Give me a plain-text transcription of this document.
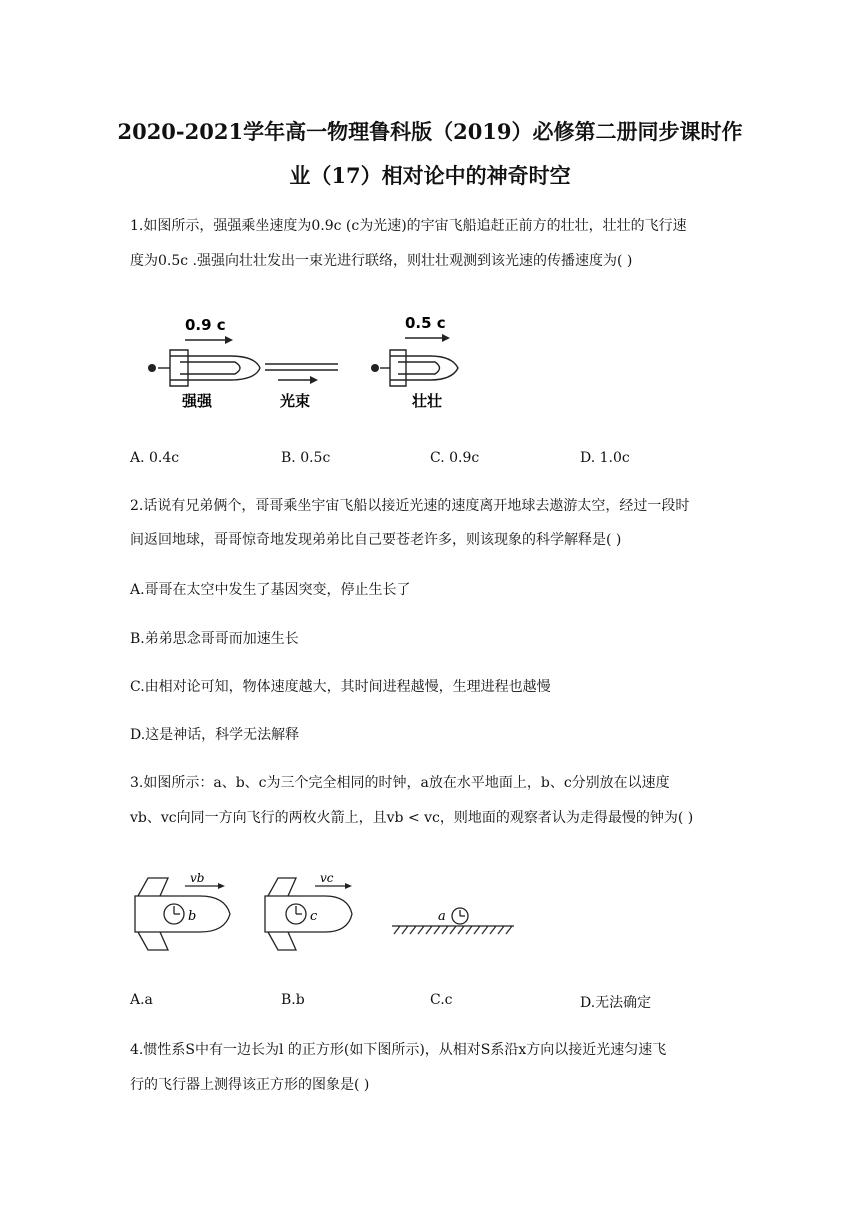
2020-2021学年高一物理鲁科版（2019）必修第二册同步课时作
业（17）相对论中的神奇时空
1.如图所示，强强乘坐速度为0.9c (c为光速)的宇宙飞船追赶正前方的壮壮，壮壮的飞行速
度为0.5c .强强向壮壮发出一束光进行联络，则壮壮观测到该光速的传播速度为( )
0.9 c	0.5 c
强强	光束	壮壮
A. 0.4c	B. 0.5c	C. 0.9c	D. 1.0c
2.话说有兄弟俩个，哥哥乘坐宇宙飞船以接近光速的速度离开地球去遨游太空，经过一段时
间返回地球，哥哥惊奇地发现弟弟比自己要苍老许多，则该现象的科学解释是( )
A.哥哥在太空中发生了基因突变，停止生长了
B.弟弟思念哥哥而加速生长
C.由相对论可知，物体速度越大，其时间进程越慢，生理进程也越慢
D.这是神话，科学无法解释
3.如图所示：a、b、c为三个完全相同的时钟，a放在水平地面上，b、c分别放在以速度
vb、vc向同一方向飞行的两枚火箭上，且vb < vc，则地面的观察者认为走得最慢的钟为( )
vb
b
vc
c	a
A.a	B.b	C.c	D.无法确定
4.惯性系S中有一边长为l 的正方形(如下图所示)，从相对S系沿x方向以接近光速匀速飞
行的飞行器上测得该正方形的图象是( )
